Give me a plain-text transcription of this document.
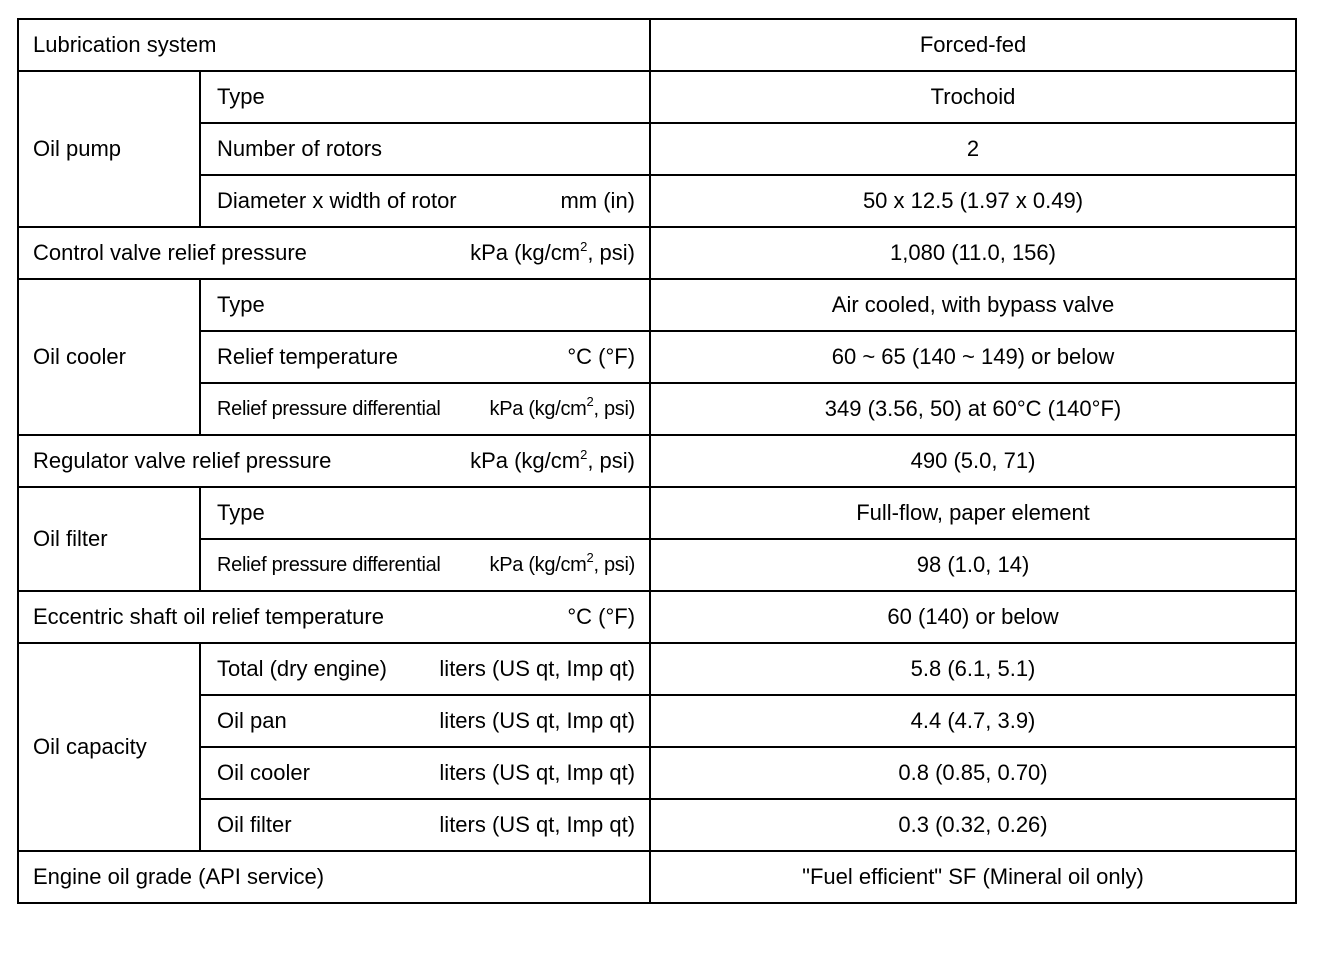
Lubrication system		Forced-fed
Oil pump	Type	Trochoid
	Number of rotors	2

	Diameter x width of rotor mm (in)	50 x 12.5 (1.97 x 0.49)

Control valve relief pressure kPa ($kg/cm^2$, psi)		1,080 (11.0, 156)
Oil cooler	Type	Air cooled, with bypass valve

	Relief temperature °C (°F)	60 ~ 65 (140 ~ 149) or below

	Relief pressure differential kPa ($kg/cm^2$, psi)	349 (3.56, 50) at 60°C (140°F)

Regulator valve relief pressure kPa ($kg/cm^2$, psi)		490 (5.0, 71)
Oil filter	Type	Full-flow, paper element

	Relief pressure differential kPa ($kg/cm^2$, psi)	98 (1.0, 14)

Eccentric shaft oil relief temperature °C (°F)		60 (140) or below
Oil capacity	Total (dry engine) liters (US qt, Imp qt)	5.8 (6.1, 5.1)

	Oil pan liters (US qt, Imp qt)	4.4 (4.7, 3.9)

	Oil cooler liters (US qt, Imp qt)	0.8 (0.85, 0.70)

	Oil filter liters (US qt, Imp qt)	0.3 (0.32, 0.26)
Engine oil grade (API service)		"Fuel efficient" SF (Mineral oil only)
